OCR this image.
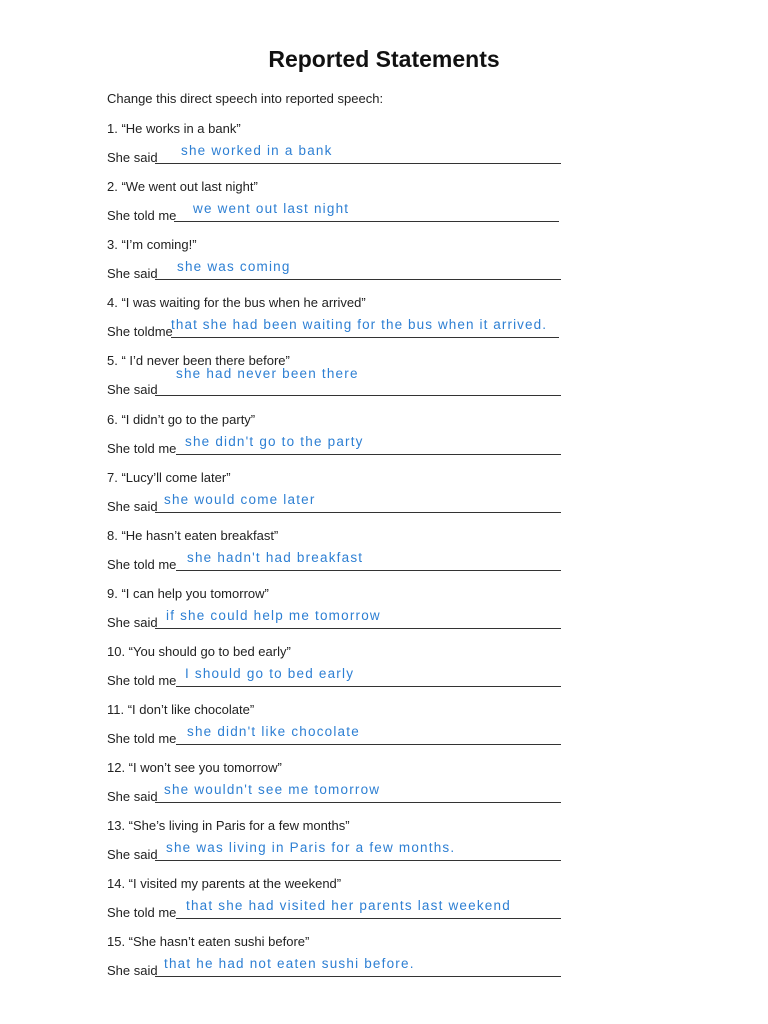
Reported Statements
Change this direct speech into reported speech:
1. “He works in a bank”
She said she worked in a bank
2. “We went out last night”
She told me we went out last night
3. “I’m coming!”
She said she was coming
4. “I was waiting for the bus when he arrived”
She toldme
that she had been waiting for the bus when it arrived.
5. “ I’d never been there before”
She said
she had never been there
6. “I didn’t go to the party”
She told me she didn't go to the party
7. “Lucy’ll come later”
She said she would come later
8. “He hasn’t eaten breakfast”
She told me she hadn't had breakfast
9. “I can help you tomorrow”
She said if she could help me tomorrow
10. “You should go to bed early”
She told me I should go to bed early
11. “I don’t like chocolate”
She told me she didn't like chocolate
12. “I won’t see you tomorrow”
She said she wouldn't see me tomorrow
13. “She’s living in Paris for a few months”
She said she was living in Paris for a few months.
14. “I visited my parents at the weekend”
She told me that she had visited her parents last weekend
15. “She hasn’t eaten sushi before”
She said that he had not eaten sushi before.
